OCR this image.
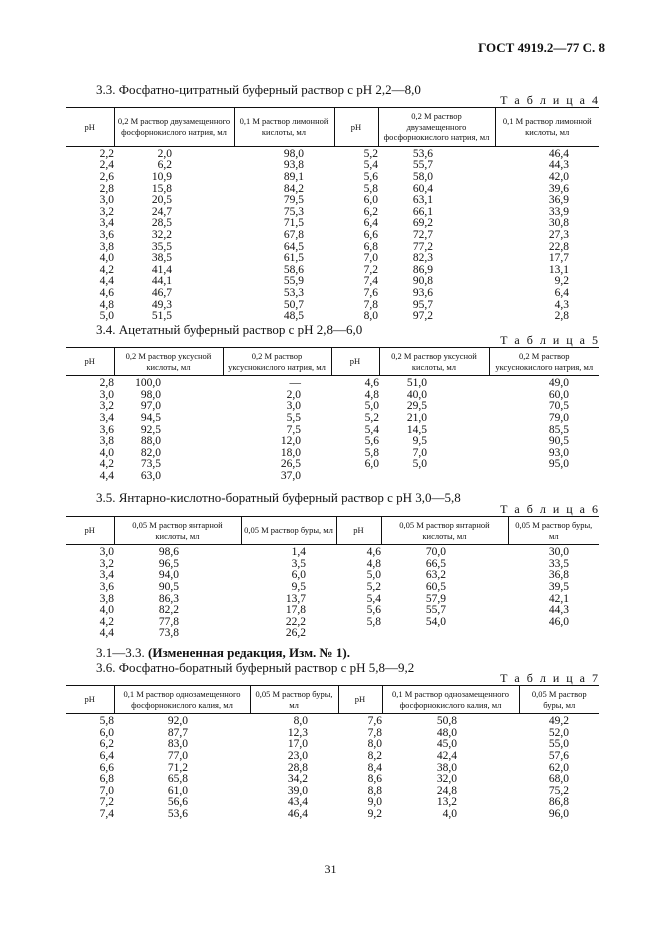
ГОСТ 4919.2—77 С. 8
3.3. Фосфатно-цитратный буферный раствор с рН 2,2—8,0
Т а б л и ц а 4
pH	0,2 М раствор двузамещенного фосфорнокислого натрия, мл	0,1 М раствор лимонной кислоты, мл	pH	0,2 М раствор двузамещенного фосфорнокислого натрия, мл	0,1 М раствор лимонной кислоты, мл
2,2	2,0	98,0	5,2	53,6	46,4
2,4	6,2	93,8	5,4	55,7	44,3
2,6	10,9	89,1	5,6	58,0	42,0
2,8	15,8	84,2	5,8	60,4	39,6
3,0	20,5	79,5	6,0	63,1	36,9
3,2	24,7	75,3	6,2	66,1	33,9
3,4	28,5	71,5	6,4	69,2	30,8
3,6	32,2	67,8	6,6	72,7	27,3
3,8	35,5	64,5	6,8	77,2	22,8
4,0	38,5	61,5	7,0	82,3	17,7
4,2	41,4	58,6	7,2	86,9	13,1
4,4	44,1	55,9	7,4	90,8	9,2
4,6	46,7	53,3	7,6	93,6	6,4
4,8	49,3	50,7	7,8	95,7	4,3
5,0	51,5	48,5	8,0	97,2	2,8
3.4. Ацетатный буферный раствор с рН 2,8—6,0
Т а б л и ц а 5
pH	0,2 М раствор уксусной кислоты, мл	0,2 М раствор уксуснокислого натрия, мл	pH	0,2 М раствор уксусной кислоты, мл	0,2 М раствор уксуснокислого натрия, мл
2,8	100,0	—	4,6	51,0	49,0
3,0	98,0	2,0	4,8	40,0	60,0
3,2	97,0	3,0	5,0	29,5	70,5
3,4	94,5	5,5	5,2	21,0	79,0
3,6	92,5	7,5	5,4	14,5	85,5
3,8	88,0	12,0	5,6	9,5	90,5
4,0	82,0	18,0	5,8	7,0	93,0
4,2	73,5	26,5	6,0	5,0	95,0
4,4	63,0	37,0			
3.5. Янтарно-кислотно-боратный буферный раствор с рН 3,0—5,8
Т а б л и ц а 6
pH	0,05 М раствор янтарной кислоты, мл	0,05 М раствор буры, мл	pH	0,05 М раствор янтарной кислоты, мл	0,05 М раствор буры, мл
3,0	98,6	1,4	4,6	70,0	30,0
3,2	96,5	3,5	4,8	66,5	33,5
3,4	94,0	6,0	5,0	63,2	36,8
3,6	90,5	9,5	5,2	60,5	39,5
3,8	86,3	13,7	5,4	57,9	42,1
4,0	82,2	17,8	5,6	55,7	44,3
4,2	77,8	22,2	5,8	54,0	46,0
4,4	73,8	26,2			
3.1—3.3. (Измененная редакция, Изм. № 1).
3.6. Фосфатно-боратный буферный раствор с рН 5,8—9,2
Т а б л и ц а 7
pH	0,1 М раствор однозамещенного фосфорнокислого калия, мл	0,05 М раствор буры, мл	pH	0,1 М раствор однозамещенного фосфорнокислого калия, мл	0,05 М раствор буры, мл
5,8	92,0	8,0	7,6	50,8	49,2
6,0	87,7	12,3	7,8	48,0	52,0
6,2	83,0	17,0	8,0	45,0	55,0
6,4	77,0	23,0	8,2	42,4	57,6
6,6	71,2	28,8	8,4	38,0	62,0
6,8	65,8	34,2	8,6	32,0	68,0
7,0	61,0	39,0	8,8	24,8	75,2
7,2	56,6	43,4	9,0	13,2	86,8
7,4	53,6	46,4	9,2	4,0	96,0
31
